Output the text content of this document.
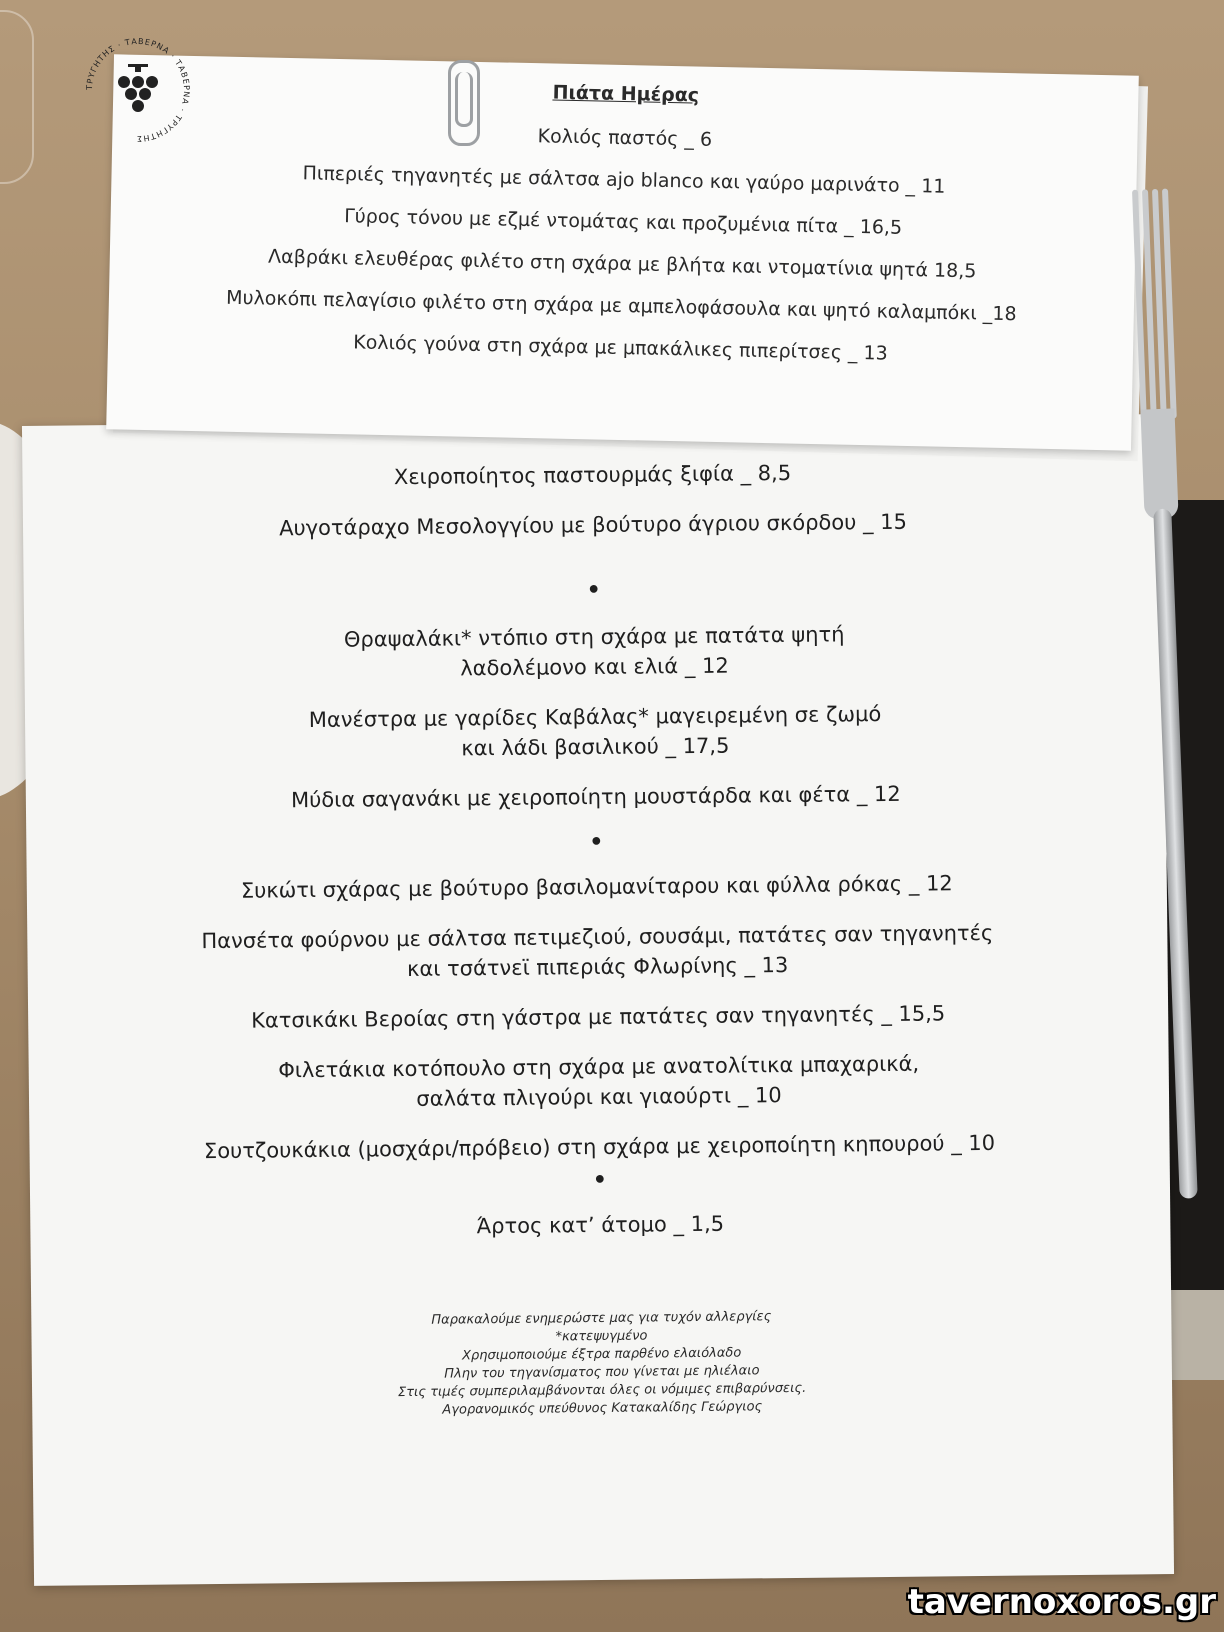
Χειροποίητος παστουρμάς ξιφία _ 8,5
Αυγοτάραχο Μεσολογγίου με βούτυρο άγριου σκόρδου _ 15
•
Θραψαλάκι* ντόπιο στη σχάρα με πατάτα ψητή
λαδολέμονο και ελιά _ 12
Μανέστρα με γαρίδες Καβάλας* μαγειρεμένη σε ζωμό
και λάδι βασιλικού _ 17,5
Μύδια σαγανάκι με χειροποίητη μουστάρδα και φέτα _ 12
•
Συκώτι σχάρας με βούτυρο βασιλομανίταρου και φύλλα ρόκας _ 12
Πανσέτα φούρνου με σάλτσα πετιμεζιού, σουσάμι, πατάτες σαν τηγανητές
και τσάτνεϊ πιπεριάς Φλωρίνης _ 13
Κατσικάκι Βεροίας στη γάστρα με πατάτες σαν τηγανητές _ 15,5
Φιλετάκια κοτόπουλο στη σχάρα με ανατολίτικα μπαχαρικά,
σαλάτα πλιγούρι και γιαούρτι _ 10
Σουτζουκάκια (μοσχάρι/πρόβειο) στη σχάρα με χειροποίητη κηπουρού _ 10
•
Άρτος κατ’ άτομο _ 1,5
Παρακαλούμε ενημερώστε μας για τυχόν αλλεργίες
*κατεψυγμένο
Χρησιμοποιούμε έξτρα παρθένο ελαιόλαδο
Πλην του τηγανίσματος που γίνεται με ηλιέλαιο
Στις τιμές συμπεριλαμβάνονται όλες οι νόμιμες επιβαρύνσεις.
Αγορανομικός υπεύθυνος Κατακαλίδης Γεώργιος
Πιάτα Ημέρας
Κολιός παστός _ 6
Πιπεριές τηγανητές με σάλτσα ajo blanco και γαύρο μαρινάτο _ 11
Γύρος τόνου με εζμέ ντομάτας και προζυμένια πίτα _ 16,5
Λαβράκι ελευθέρας φιλέτο στη σχάρα με βλήτα και ντοματίνια ψητά 18,5
Μυλοκόπι πελαγίσιο φιλέτο στη σχάρα με αμπελοφάσουλα και ψητό καλαμπόκι _18
Κολιός γούνα στη σχάρα με μπακάλικες πιπερίτσες _ 13
ΤΡΥΓΗΤΗΣ · ΤΑΒΕΡΝΑ · ΤΑΒΕΡΝΑ · ΤΡΥΓΗΤΗΣ
tavernoxoros.gr
